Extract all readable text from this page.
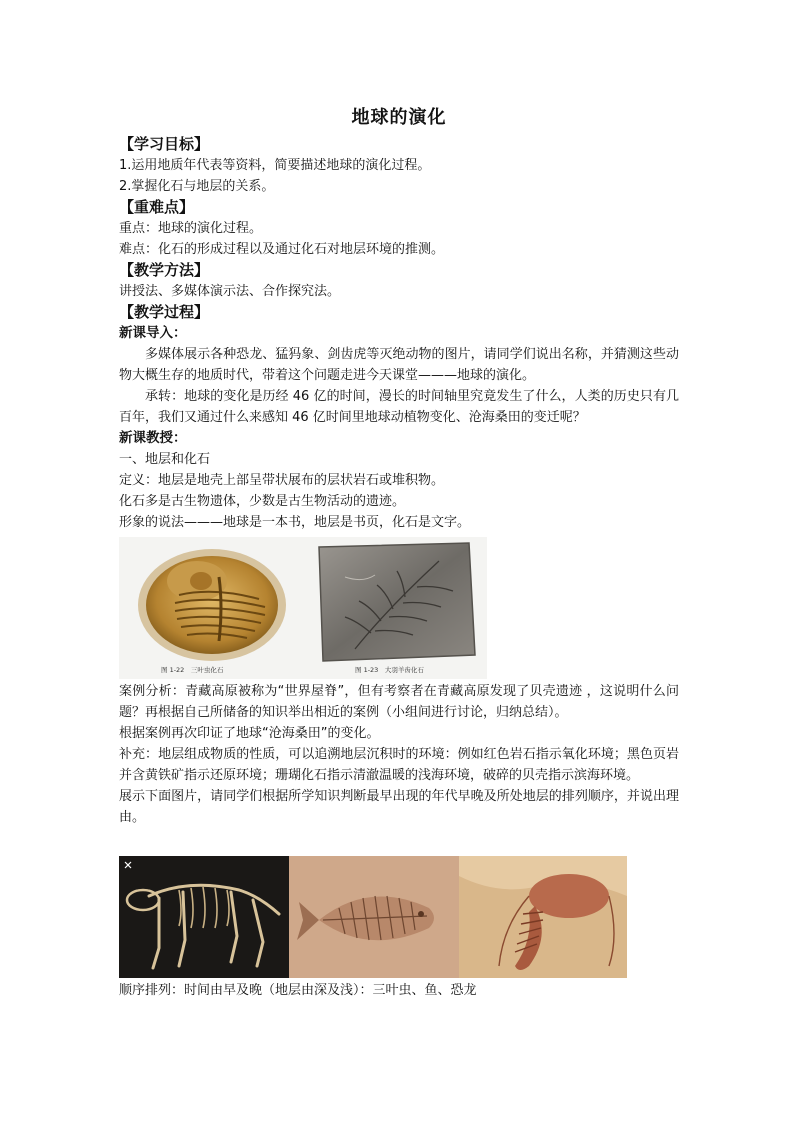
地球的演化

【学习目标】

1.运用地质年代表等资料，简要描述地球的演化过程。

2.掌握化石与地层的关系。

【重难点】

重点：地球的演化过程。

难点：化石的形成过程以及通过化石对地层环境的推测。

【教学方法】

讲授法、多媒体演示法、合作探究法。

【教学过程】

新课导入：

多媒体展示各种恐龙、猛犸象、剑齿虎等灭绝动物的图片，请同学们说出名称，并猜测这些动物大概生存的地质时代，带着这个问题走进今天课堂———地球的演化。

承转：地球的变化是历经 46 亿的时间，漫长的时间轴里究竟发生了什么，人类的历史只有几百年，我们又通过什么来感知 46 亿时间里地球动植物变化、沧海桑田的变迁呢？

新课教授：

一、地层和化石

定义：地层是地壳上部呈带状展布的层状岩石或堆积物。

化石多是古生物遗体，少数是古生物活动的遗迹。

形象的说法———地球是一本书，地层是书页，化石是文字。

图 1-22　三叶虫化石	图 1-23　大羽羊齿化石

案例分析：青藏高原被称为“世界屋脊”，但有考察者在青藏高原发现了贝壳遗迹 ，这说明什么问题？再根据自己所储备的知识举出相近的案例（小组间进行讨论，归纳总结）。

根据案例再次印证了地球“沧海桑田”的变化。

补充：地层组成物质的性质，可以追溯地层沉积时的环境：例如红色岩石指示氧化环境；黑色页岩并含黄铁矿指示还原环境；珊瑚化石指示清澈温暖的浅海环境，破碎的贝壳指示滨海环境。

展示下面图片，请同学们根据所学知识判断最早出现的年代早晚及所处地层的排列顺序，并说出理由。

顺序排列：时间由早及晚（地层由深及浅）：三叶虫、鱼、恐龙
